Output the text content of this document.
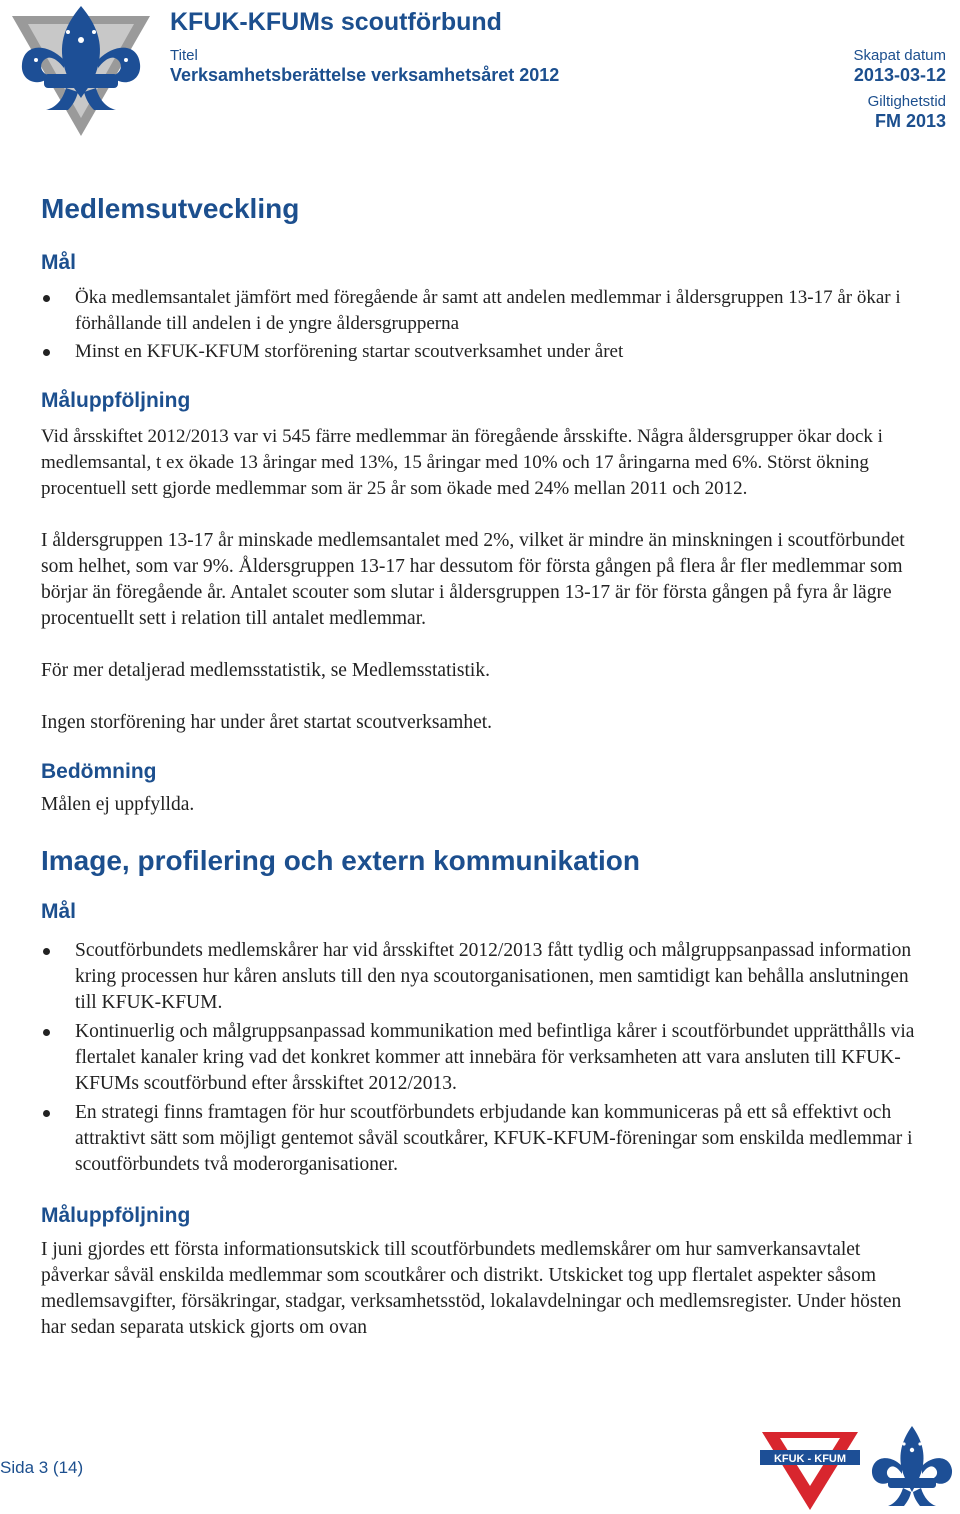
KFUK-KFUMs scoutförbund
Titel
Verksamhetsberättelse verksamhetsåret 2012
Skapat datum
2013-03-12
Giltighetstid
FM 2013
Medlemsutveckling
Mål
Öka medlemsantalet jämfört med föregående år samt att andelen medlemmar i åldersgruppen 13-17 år ökar i förhållande till andelen i de yngre åldersgrupperna
Minst en KFUK-KFUM storförening startar scoutverksamhet under året
Måluppföljning

Vid årsskiftet 2012/2013 var vi 545 färre medlemmar än föregående årsskifte. Några åldersgrupper ökar dock i medlemsantal, t ex ökade 13 åringar med 13%, 15 åringar med 10% och 17 åringarna med 6%. Störst ökning procentuell sett gjorde medlemmar som är 25 år som ökade med 24% mellan 2011 och 2012.

I åldersgruppen 13-17 år minskade medlemsantalet med 2%, vilket är mindre än minskningen i scoutförbundet som helhet, som var 9%. Åldersgruppen 13-17 har dessutom för första gången på flera år fler medlemmar som börjar än föregående år. Antalet scouter som slutar i åldersgruppen 13-17 är för första gången på fyra år lägre procentuellt sett i relation till antalet medlemmar.

För mer detaljerad medlemsstatistik, se Medlemsstatistik.

Ingen storförening har under året startat scoutverksamhet.

Bedömning

Målen ej uppfyllda.

Image, profilering och extern kommunikation
Mål
Scoutförbundets medlemskårer har vid årsskiftet 2012/2013 fått tydlig och målgruppsanpassad information kring processen hur kåren ansluts till den nya scoutorganisationen, men samtidigt kan behålla anslutningen till KFUK-KFUM.
Kontinuerlig och målgruppsanpassad kommunikation med befintliga kårer i scoutförbundet upprätthålls via flertalet kanaler kring vad det konkret kommer att innebära för verksamheten att vara ansluten till KFUK-KFUMs scoutförbund efter årsskiftet 2012/2013.
En strategi finns framtagen för hur scoutförbundets erbjudande kan kommuniceras på ett så effektivt och attraktivt sätt som möjligt gentemot såväl scoutkårer, KFUK-KFUM-föreningar som enskilda medlemmar i scoutförbundets två moderorganisationer.
Måluppföljning

I juni gjordes ett första informationsutskick till scoutförbundets medlemskårer om hur samverkansavtalet påverkar såväl enskilda medlemmar som scoutkårer och distrikt. Utskicket tog upp flertalet aspekter såsom medlemsavgifter, försäkringar, stadgar, verksamhetsstöd, lokalavdelningar och medlemsregister. Under hösten har sedan separata utskick gjorts om ovan

Sida 3 (14)	KFUK - KFUM
